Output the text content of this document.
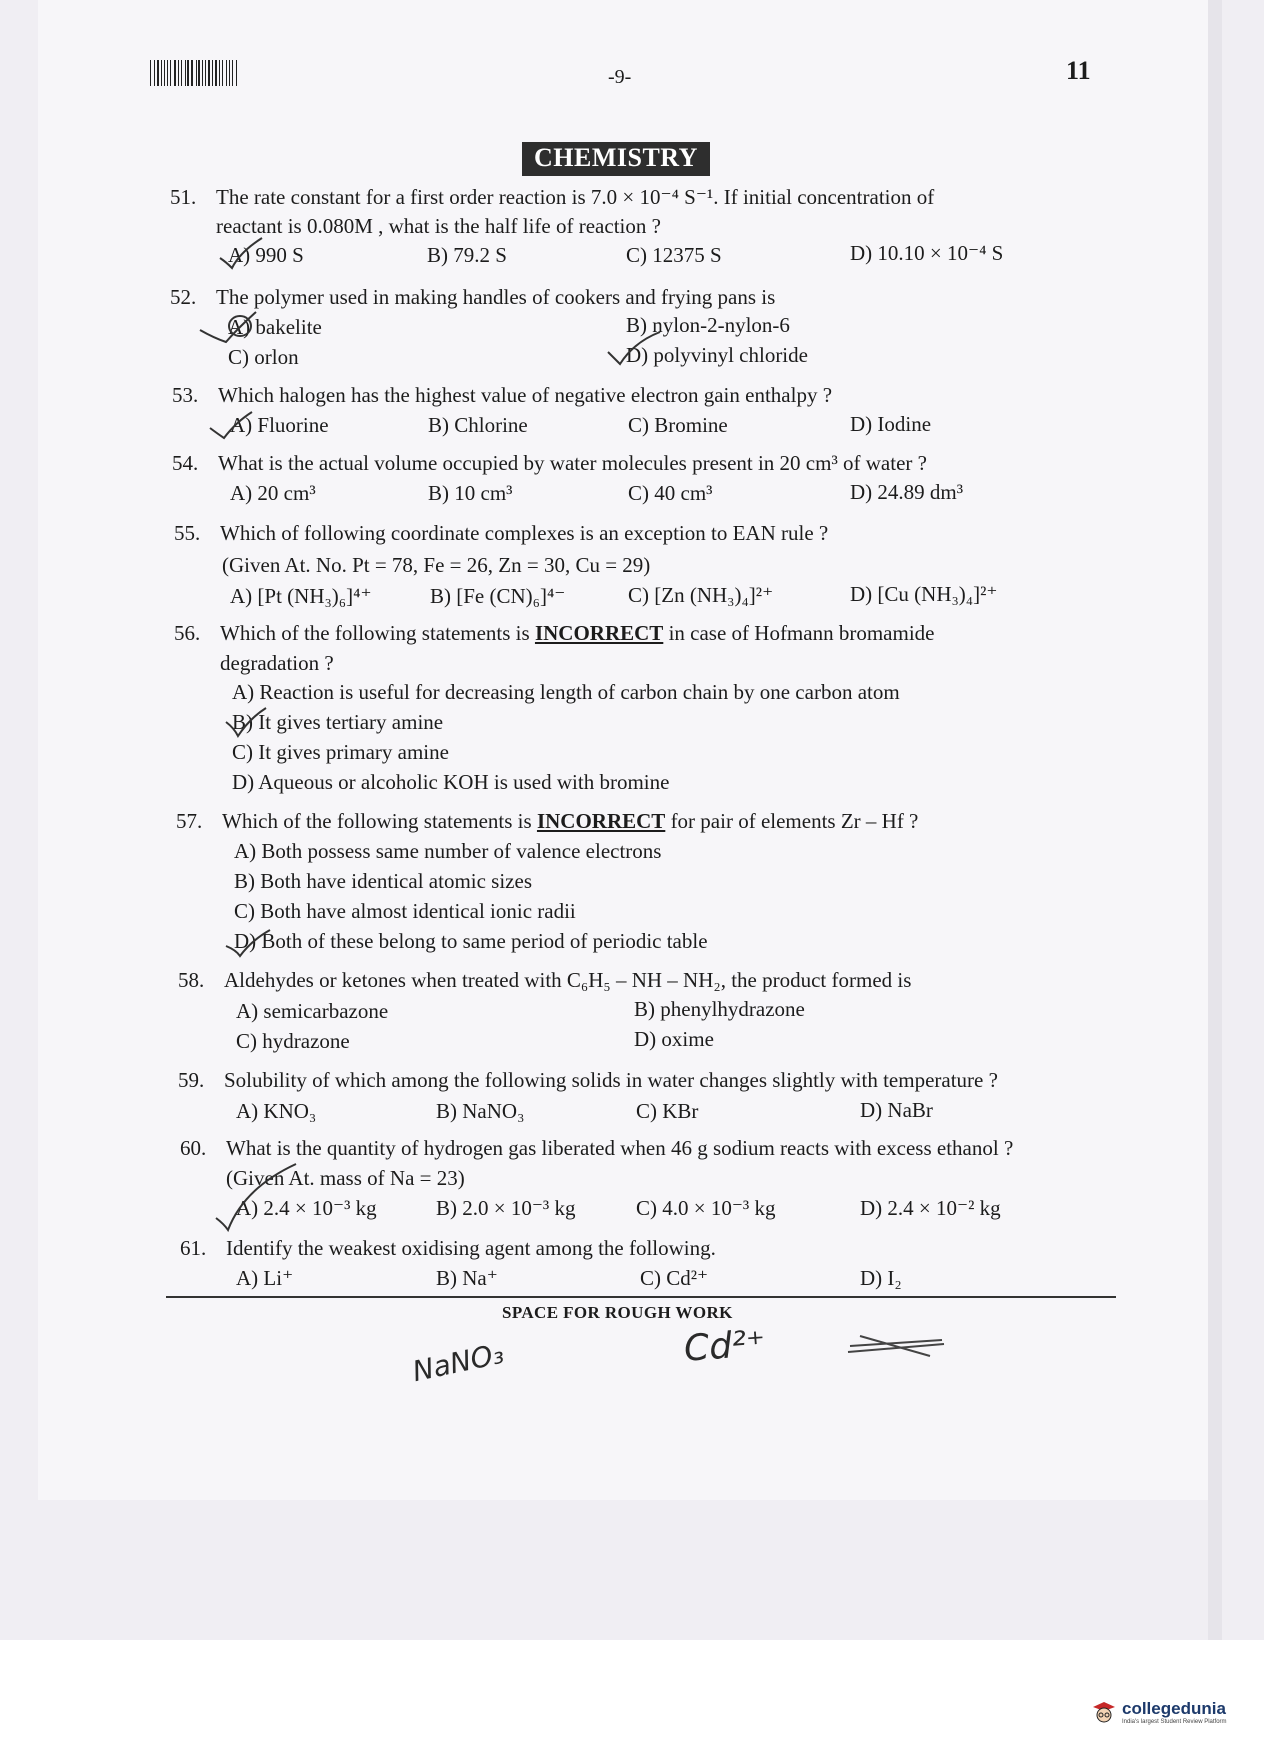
-9-	11
CHEMISTRY
51. The rate constant for a first order reaction is 7.0 × 10⁻⁴ S⁻¹. If initial concentration of
reactant is 0.080M , what is the half life of reaction ?
A) 990 S	B) 79.2 S	C) 12375 S	D) 10.10 × 10⁻⁴ S
52. The polymer used in making handles of cookers and frying pans is
A) bakelite	B) nylon-2-nylon-6
C) orlon	D) polyvinyl chloride
53. Which halogen has the highest value of negative electron gain enthalpy ?
A) Fluorine	B) Chlorine	C) Bromine	D) Iodine
54. What is the actual volume occupied by water molecules present in 20 cm³ of water ?
A) 20 cm³	B) 10 cm³	C) 40 cm³	D) 24.89 dm³
55. Which of following coordinate complexes is an exception to EAN rule ?
(Given At. No. Pt = 78, Fe = 26, Zn = 30, Cu = 29)
A) [Pt (NH₃)₆]⁴⁺	B) [Fe (CN)₆]⁴⁻	C) [Zn (NH₃)₄]²⁺	D) [Cu (NH₃)₄]²⁺
56. Which of the following statements is INCORRECT in case of Hofmann bromamide
degradation ?
A) Reaction is useful for decreasing length of carbon chain by one carbon atom
B) It gives tertiary amine
C) It gives primary amine
D) Aqueous or alcoholic KOH is used with bromine
57. Which of the following statements is INCORRECT for pair of elements Zr – Hf ?
A) Both possess same number of valence electrons
B) Both have identical atomic sizes
C) Both have almost identical ionic radii
D) Both of these belong to same period of periodic table
58. Aldehydes or ketones when treated with C₆H₅ – NH – NH₂, the product formed is
A) semicarbazone	B) phenylhydrazone
C) hydrazone	D) oxime
59. Solubility of which among the following solids in water changes slightly with temperature ?
A) KNO₃	B) NaNO₃	C) KBr	D) NaBr
60. What is the quantity of hydrogen gas liberated when 46 g sodium reacts with excess ethanol ?
(Given At. mass of Na = 23)
A) 2.4 × 10⁻³ kg	B) 2.0 × 10⁻³ kg	C) 4.0 × 10⁻³ kg	D) 2.4 × 10⁻² kg
61. Identify the weakest oxidising agent among the following.
A) Li⁺	B) Na⁺	C) Cd²⁺	D) I₂
SPACE FOR ROUGH WORK
NaNO₃	Cd²⁺
collegedunia
India's largest Student Review Platform
